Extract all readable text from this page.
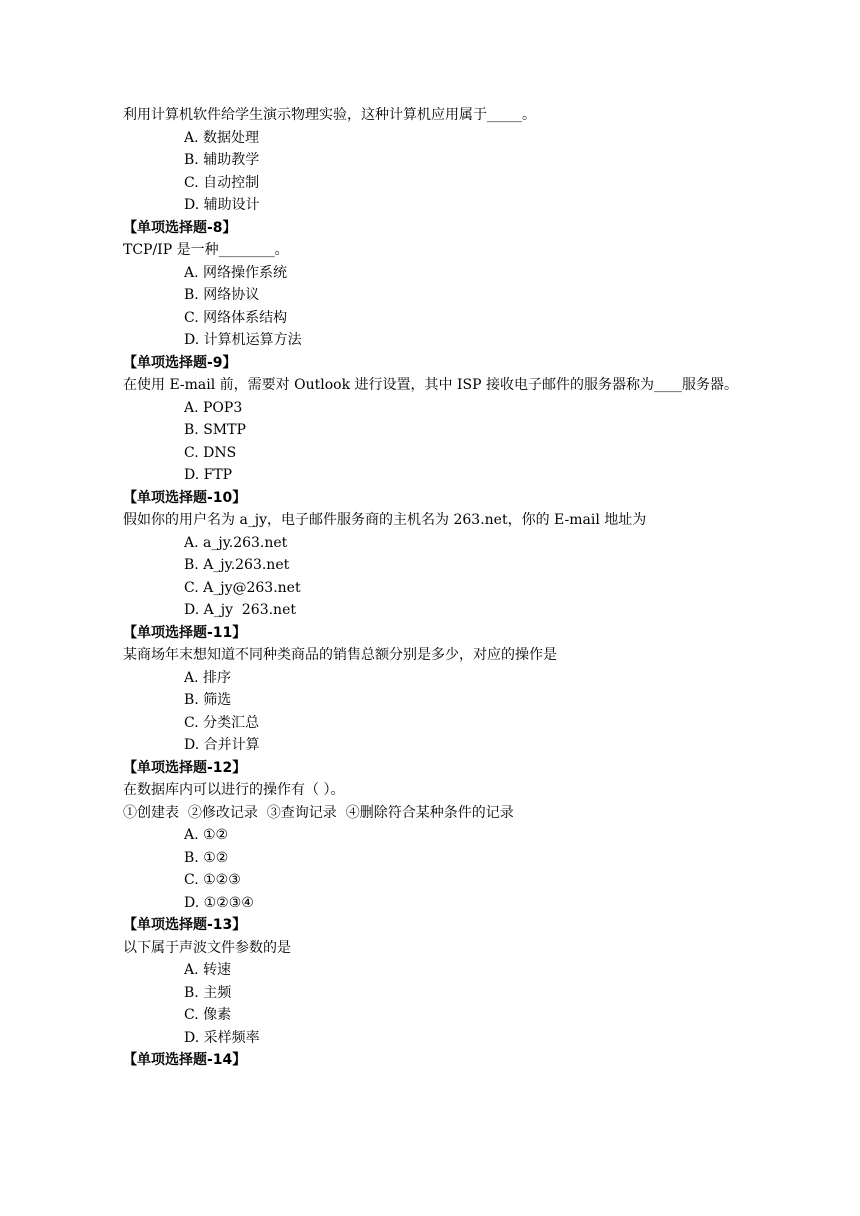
利用计算机软件给学生演示物理实验，这种计算机应用属于_____。
A. 数据处理
B. 辅助教学
C. 自动控制
D. 辅助设计
【单项选择题-8】
TCP/IP 是一种________。
A. 网络操作系统
B. 网络协议
C. 网络体系结构
D. 计算机运算方法
【单项选择题-9】
在使用 E-mail 前，需要对 Outlook 进行设置，其中 ISP 接收电子邮件的服务器称为____服务器。
A. POP3
B. SMTP
C. DNS
D. FTP
【单项选择题-10】
假如你的用户名为 a_jy，电子邮件服务商的主机名为 263.net，你的 E-mail 地址为
A. a_jy.263.net
B. A_jy.263.net
C. A_jy@263.net
D. A_jy  263.net
【单项选择题-11】
某商场年末想知道不同种类商品的销售总额分别是多少，对应的操作是
A. 排序
B. 筛选
C. 分类汇总
D. 合并计算
【单项选择题-12】
在数据库内可以进行的操作有（ ）。
①创建表  ②修改记录  ③查询记录  ④删除符合某种条件的记录
A. ①②
B. ①②
C. ①②③
D. ①②③④
【单项选择题-13】
以下属于声波文件参数的是
A. 转速
B. 主频
C. 像素
D. 采样频率
【单项选择题-14】
